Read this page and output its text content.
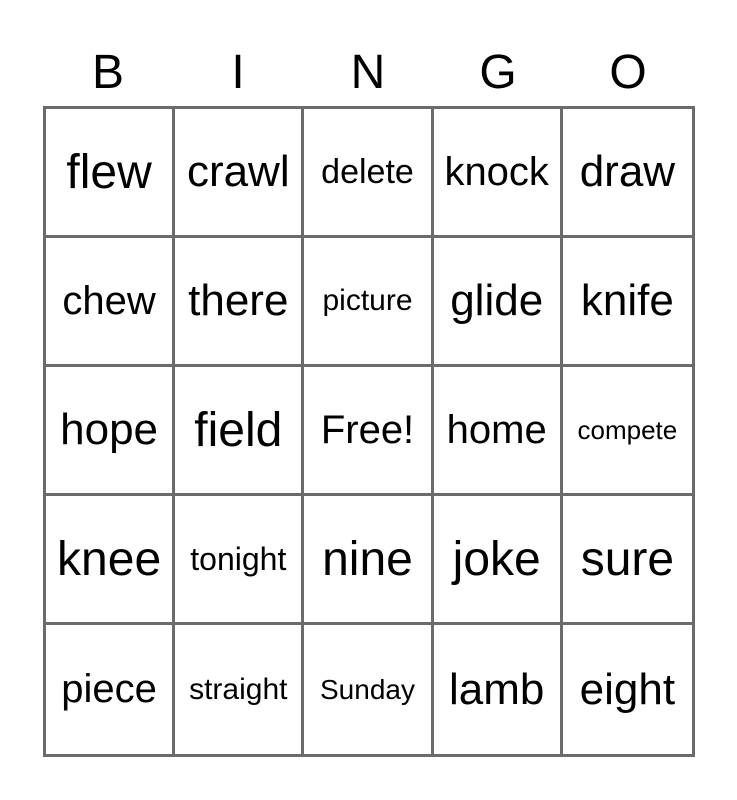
B	I	N	G	O
flew crawl delete knock draw
chew there	picture glide knife
hope field Free! home	compete
knee tonight nine joke sure
piece	straight	Sunday lamb eight
